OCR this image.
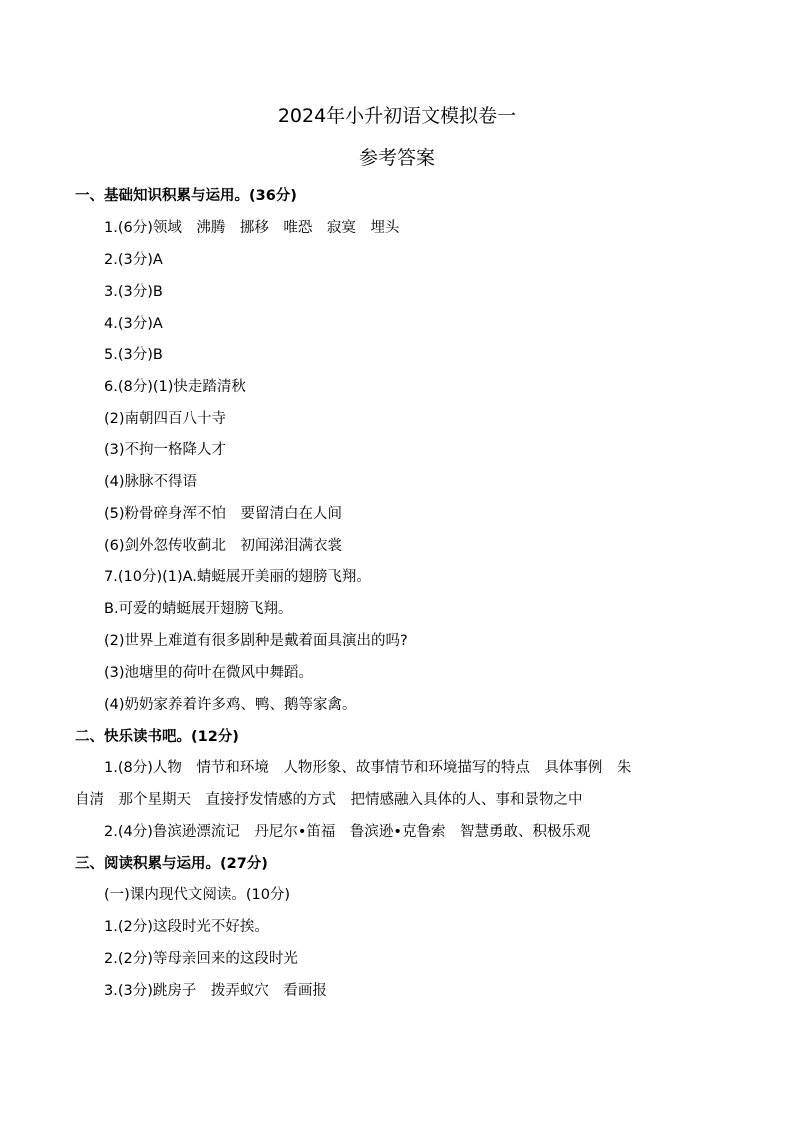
2024年小升初语文模拟卷一
参考答案
一、基础知识积累与运用。(36分)
1.(6分)领域　沸腾　挪移　唯恐　寂寞　埋头
2.(3分)A
3.(3分)B
4.(3分)A
5.(3分)B
6.(8分)(1)快走踏清秋
(2)南朝四百八十寺
(3)不拘一格降人才
(4)脉脉不得语
(5)粉骨碎身浑不怕　要留清白在人间
(6)剑外忽传收蓟北　初闻涕泪满衣裳
7.(10分)(1)A.蜻蜓展开美丽的翅膀飞翔。
B.可爱的蜻蜓展开翅膀飞翔。
(2)世界上难道有很多剧种是戴着面具演出的吗?
(3)池塘里的荷叶在微风中舞蹈。
(4)奶奶家养着许多鸡、鸭、鹅等家禽。
二、快乐读书吧。(12分)
1.(8分)人物　情节和环境　人物形象、故事情节和环境描写的特点　具体事例　朱
自清　那个星期天　直接抒发情感的方式　把情感融入具体的人、事和景物之中
2.(4分)鲁滨逊漂流记　丹尼尔•笛福　鲁滨逊•克鲁索　智慧勇敢、积极乐观
三、阅读积累与运用。(27分)
(一)课内现代文阅读。(10分)
1.(2分)这段时光不好挨。
2.(2分)等母亲回来的这段时光
3.(3分)跳房子　拨弄蚁穴　看画报
